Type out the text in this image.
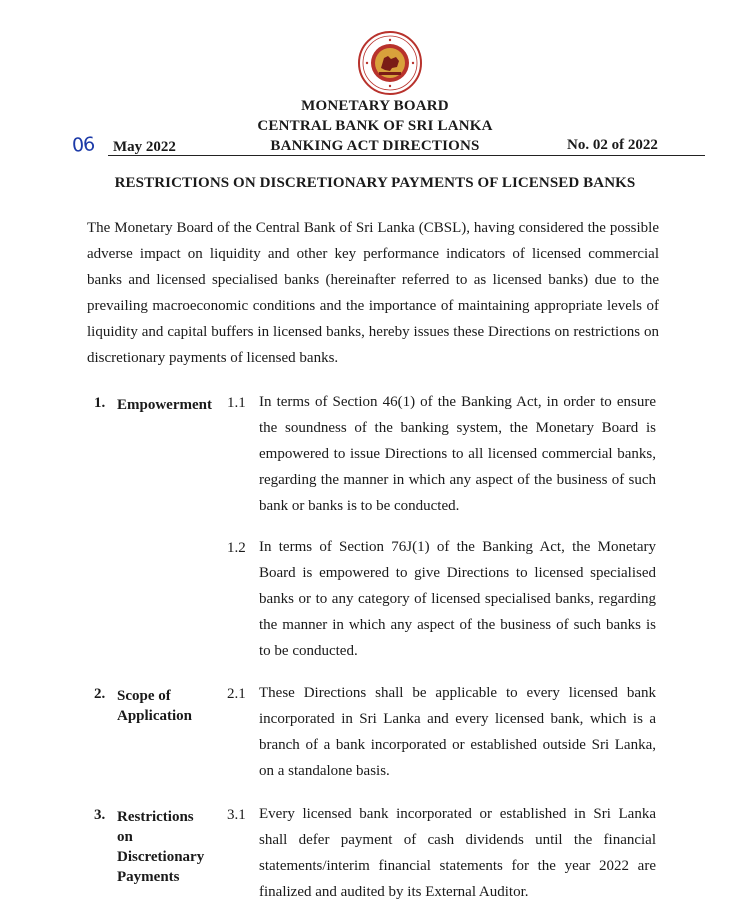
MONETARY BOARD
CENTRAL BANK OF SRI LANKA
BANKING ACT DIRECTIONS
06 May 2022	No. 02 of 2022
RESTRICTIONS ON DISCRETIONARY PAYMENTS OF LICENSED BANKS

The Monetary Board of the Central Bank of Sri Lanka (CBSL), having considered the possible adverse impact on liquidity and other key performance indicators of licensed commercial banks and licensed specialised banks (hereinafter referred to as licensed banks) due to the prevailing macroeconomic conditions and the importance of maintaining appropriate levels of liquidity and capital buffers in licensed banks, hereby issues these Directions on restrictions on discretionary payments of licensed banks.

1. Empowerment 1.1 In terms of Section 46(1) of the Banking Act, in order to ensure the soundness of the banking system, the Monetary Board is empowered to issue Directions to all licensed commercial banks, regarding the manner in which any aspect of the business of such bank or banks is to be conducted.

1.2 In terms of Section 76J(1) of the Banking Act, the Monetary Board is empowered to give Directions to licensed specialised banks or to any category of licensed specialised banks, regarding the manner in which any aspect of the business of such banks is to be conducted.

2. Scope of
Application
2.1 These Directions shall be applicable to every licensed bank incorporated in Sri Lanka and every licensed bank, which is a branch of a bank incorporated or established outside Sri Lanka, on a standalone basis.

3. Restrictions
on
Discretionary
Payments
3.1 Every licensed bank incorporated or established in Sri Lanka shall defer payment of cash dividends until the financial statements/interim financial statements for the year 2022 are finalized and audited by its External Auditor.
